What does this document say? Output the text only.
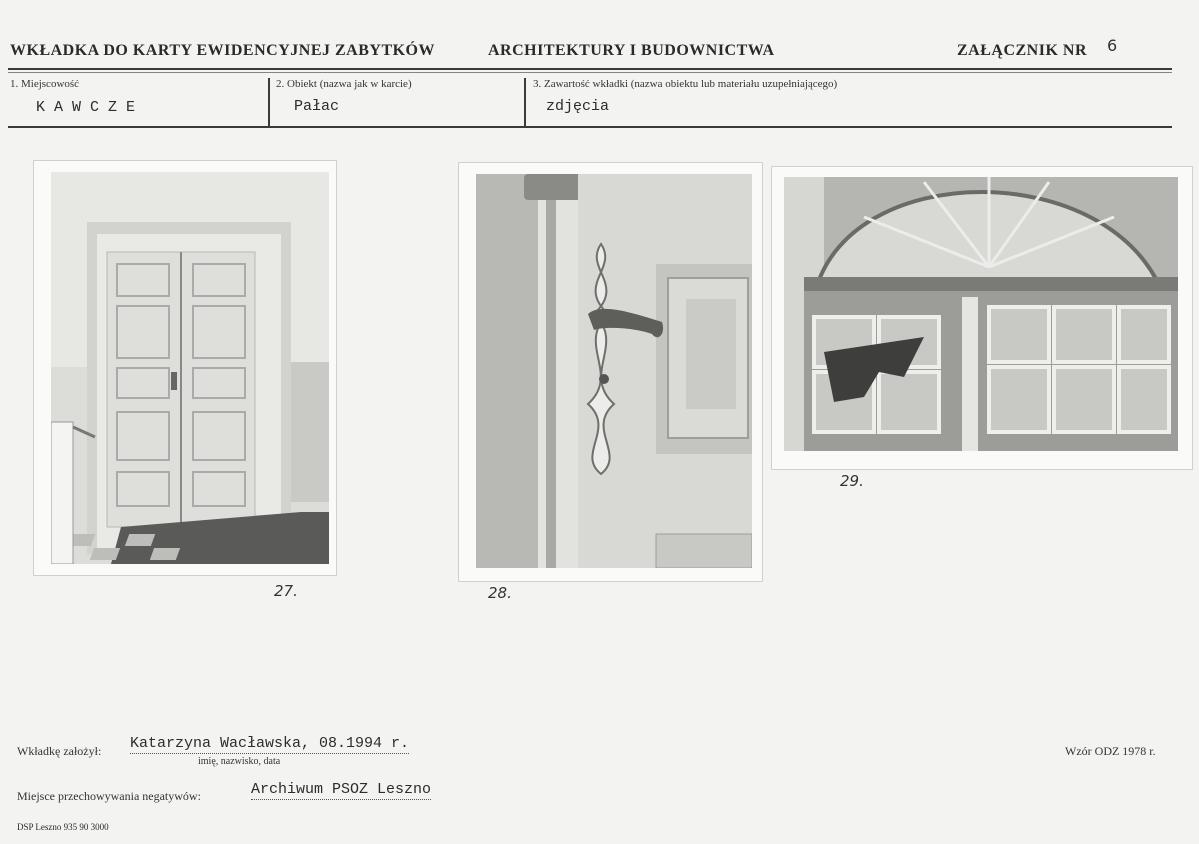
WKŁADKA DO KARTY EWIDENCYJNEJ ZABYTKÓW	ARCHITEKTURY I BUDOWNICTWA	ZAŁĄCZNIK NR 6
1. Miejscowość
K A W C Z E
2. Obiekt (nazwa jak w karcie)
Pałac
3. Zawartość wkładki (nazwa obiektu lub materiału uzupełniającego)
zdjęcia
27.	28.
29.
Wkładkę założył: Katarzyna Wacławska, 08.1994 r.
imię, nazwisko, data
Miejsce przechowywania negatywów:	Archiwum PSOZ Leszno
Wzór ODZ 1978 r.
DSP Leszno 935 90 3000
